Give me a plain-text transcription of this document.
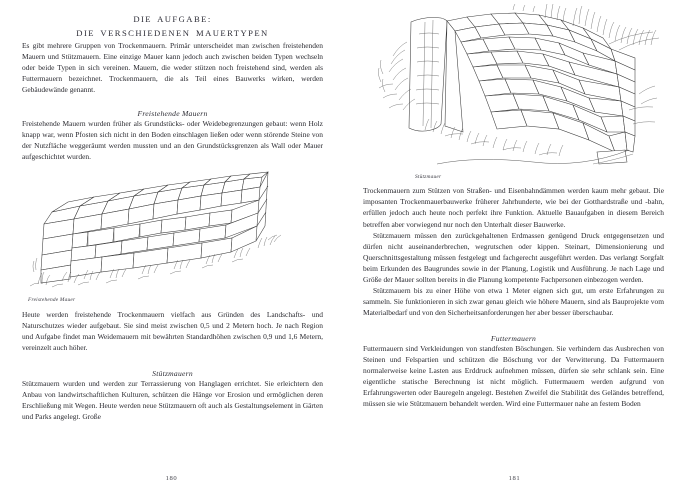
DIE AUFGABE:
DIE VERSCHIEDENEN MAUERTYPEN

Es gibt mehrere Gruppen von Trockenmauern. Primär unterscheidet man zwischen freistehenden Mauern und Stützmauern. Eine einzige Mauer kann jedoch auch zwischen beiden Typen wechseln oder beide Typen in sich vereinen. Mauern, die weder stützen noch freistehend sind, werden als Futtermauern bezeichnet. Trockenmauern, die als Teil eines Bauwerks wirken, werden Gebäudewände genannt.

Freistehende Mauern

Freistehende Mauern wurden früher als Grundstücks- oder Weidebegrenzungen gebaut: wenn Holz knapp war, wenn Pfosten sich nicht in den Boden einschlagen ließen oder wenn störende Steine von der Nutzfläche weggeräumt werden mussten und an den Grundstücksgrenzen als Wall oder Mauer aufgeschichtet wurden.

Freistehende Mauer

Heute werden freistehende Trockenmauern vielfach aus Gründen des Landschafts- und Naturschutzes wieder aufgebaut. Sie sind meist zwischen 0,5 und 2 Metern hoch. Je nach Region und Aufgabe findet man Weidemauern mit bewährten Standardhöhen zwischen 0,9 und 1,6 Metern, vereinzelt auch höher.

Stützmauern

Stützmauern wurden und werden zur Terrassierung von Hanglagen errichtet. Sie erleichtern den Anbau von landwirtschaftlichen Kulturen, schützen die Hänge vor Erosion und ermöglichen deren Erschließung mit Wegen. Heute werden neue Stützmauern oft auch als Gestaltungselement in Gärten und Parks angelegt. Große

180

Stützmauer

Trockenmauern zum Stützen von Straßen- und Eisenbahndämmen werden kaum mehr gebaut. Die imposanten Trockenmauerbauwerke früherer Jahrhunderte, wie bei der Gotthardstraße und -bahn, erfüllen jedoch auch heute noch perfekt ihre Funktion. Aktuelle Bauaufgaben in diesem Bereich betreffen aber vorwiegend nur noch den Unterhalt dieser Bauwerke.

Stützmauern müssen den zurückgehaltenen Erdmassen genügend Druck entgegensetzen und dürfen nicht auseinanderbrechen, wegrutschen oder kippen. Steinart, Dimensionierung und Querschnittsgestaltung müssen festgelegt und fachgerecht ausgeführt werden. Das verlangt Sorgfalt beim Erkunden des Baugrundes sowie in der Planung, Logistik und Ausführung. Je nach Lage und Größe der Mauer sollten bereits in die Planung kompetente Fachpersonen einbezogen werden.

Stützmauern bis zu einer Höhe von etwa 1 Meter eignen sich gut, um erste Erfahrungen zu sammeln. Sie funktionieren in sich zwar genau gleich wie höhere Mauern, sind als Bauprojekte vom Materialbedarf und von den Sicherheitsanforderungen her aber besser überschaubar.

Futtermauern

Futtermauern sind Verkleidungen von standfesten Böschungen. Sie verhindern das Ausbrechen von Steinen und Felspartien und schützen die Böschung vor der Verwitterung. Da Futtermauern normalerweise keine Lasten aus Erddruck aufnehmen müssen, dürfen sie sehr schlank sein. Eine eigentliche statische Berechnung ist nicht möglich. Futtermauern werden aufgrund von Erfahrungswerten oder Bauregeln angelegt. Bestehen Zweifel die Stabilität des Geländes betreffend, müssen sie wie Stützmauern behandelt werden. Wird eine Futtermauer nahe an festem Boden

181
